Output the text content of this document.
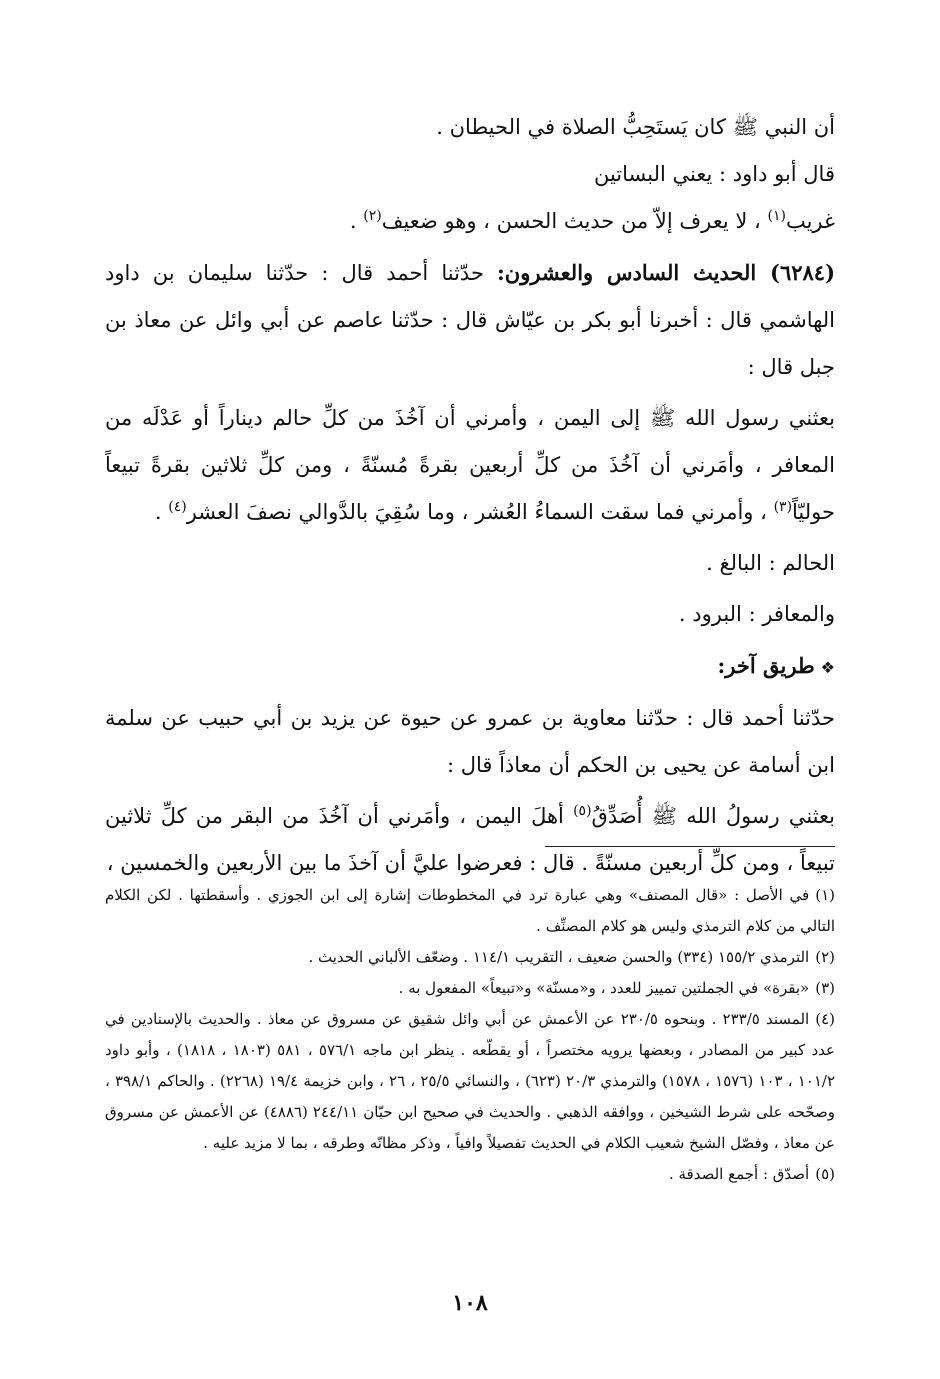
أن النبي ﷺ كان يَستَحِبُّ الصلاة في الحيطان .

قال أبو داود : يعني البساتين

غريب$^{(١)}$ ، لا يعرف إلاّ من حديث الحسن ، وهو ضعيف$^{(٢)}$ .

(٦٢٨٤) الحديث السادس والعشرون: حدّثنا أحمد قال : حدّثنا سليمان بن داود الهاشمي قال : أخبرنا أبو بكر بن عيّاش قال : حدّثنا عاصم عن أبي وائل عن معاذ بن جبل قال :

بعثني رسول الله ﷺ إلى اليمن ، وأمرني أن آخُذَ من كلِّ حالم ديناراً أو عَدْلَه من المعافر ، وأمَرني أن آخُذَ من كلِّ أربعين بقرةً مُسنّةً ، ومن كلِّ ثلاثين بقرةً تبيعاً حوليّاً$^{(٣)}$ ، وأمرني فما سقت السماءُ العُشر ، وما سُقِيَ بالدَّوالي نصفَ العشر$^{(٤)}$ .

الحالم : البالغ .

والمعافر : البرود .

❖طريق آخر:

حدّثنا أحمد قال : حدّثنا معاوية بن عمرو عن حيوة عن يزيد بن أبي حبيب عن سلمة ابن أسامة عن يحيى بن الحكم أن معاذاً قال :

بعثني رسولُ الله ﷺ أُصَدِّقُ$^{(٥)}$ أهلَ اليمن ، وأمَرني أن آخُذَ من البقر من كلِّ ثلاثين تبيعاً ، ومن كلِّ أربعين مسنّةً . قال : فعرضوا عليَّ أن آخذَ ما بين الأربعين والخمسين ،

(١)في الأصل : «قال المصنف» وهي عبارة ترد في المخطوطات إشارة إلى ابن الجوزي . وأسقطتها . لكن الكلام التالي من كلام الترمذي وليس هو كلام المصنِّف .

(٢)الترمذي ١٥٥/٢ (٣٣٤) والحسن ضعيف ، التقريب ١١٤/١ . وضعّف الألباني الحديث .

(٣)«بقرة» في الجملتين تمييز للعدد ، و«مسنّة» و«تبيعاً» المفعول به .

(٤)المسند ٢٣٣/٥ . وبنحوه ٢٣٠/٥ عن الأعمش عن أبي وائل شقيق عن مسروق عن معاذ . والحديث بالإسنادين في عدد كبير من المصادر ، وبعضها يرويه مختصراً ، أو يقطّعه . ينظر ابن ماجه ٥٧٦/١ ، ٥٨١ (١٨٠٣ ، ١٨١٨) ، وأبو داود ١٠١/٢ ، ١٠٣ (١٥٧٦ ، ١٥٧٨) والترمذي ٢٠/٣ (٦٢٣) ، والنسائي ٢٥/٥ ، ٢٦ ، وابن خزيمة ١٩/٤ (٢٢٦٨) . والحاكم ٣٩٨/١ ، وصحّحه على شرط الشيخين ، ووافقه الذهبي . والحديث في صحيح ابن حبّان ٢٤٤/١١ (٤٨٨٦) عن الأعمش عن مسروق عن معاذ ، وفصّل الشيخ شعيب الكلام في الحديث تفصيلاً وافياً ، وذكر مظانّه وطرقه ، بما لا مزيد عليه .

(٥)أصدّق : أجمع الصدقة .

١٠٨
